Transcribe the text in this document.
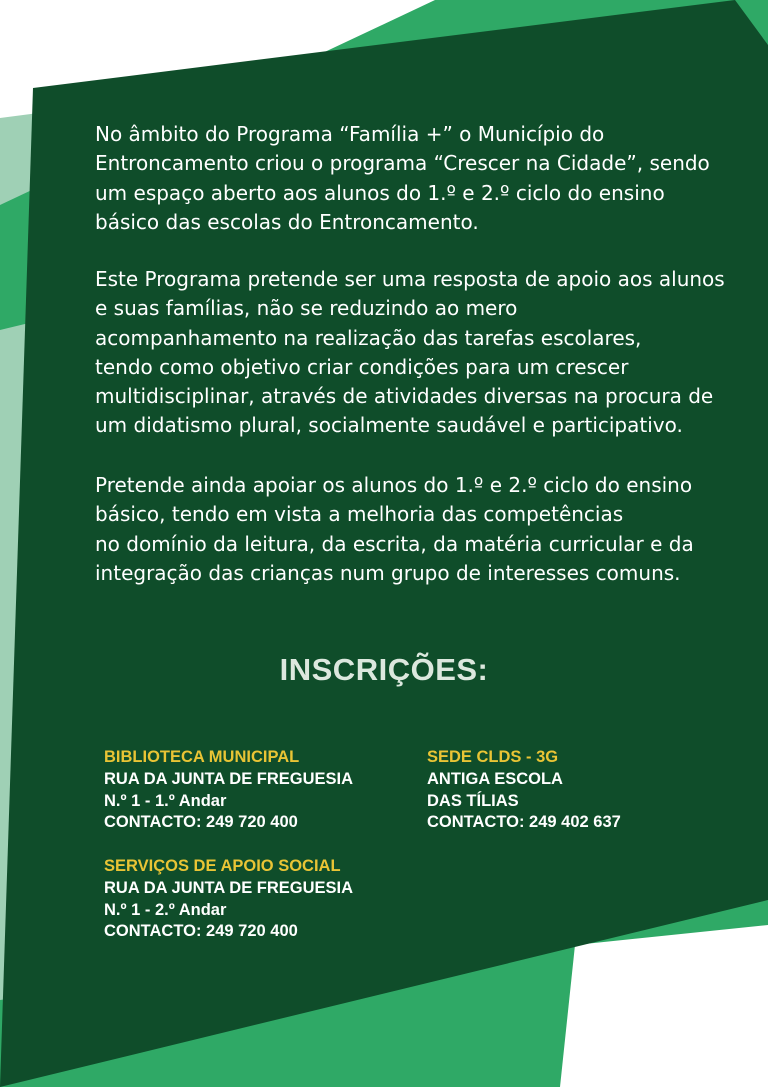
No âmbito do Programa “Família +” o Município do
Entroncamento criou o programa “Crescer na Cidade”, sendo
um espaço aberto aos alunos do 1.º e 2.º ciclo do ensino
básico das escolas do Entroncamento.
Este Programa pretende ser uma resposta de apoio aos alunos
e suas famílias, não se reduzindo ao mero
acompanhamento na realização das tarefas escolares,
tendo como objetivo criar condições para um crescer
multidisciplinar, através de atividades diversas na procura de
um didatismo plural, socialmente saudável e participativo.
Pretende ainda apoiar os alunos do 1.º e 2.º ciclo do ensino
básico, tendo em vista a melhoria das competências
no domínio da leitura, da escrita, da matéria curricular e da
integração das crianças num grupo de interesses comuns.
INSCRIÇÕES:
BIBLIOTECA MUNICIPAL
RUA DA JUNTA DE FREGUESIA
N.º 1 - 1.º Andar
CONTACTO: 249 720 400
SERVIÇOS DE APOIO SOCIAL
RUA DA JUNTA DE FREGUESIA
N.º 1 - 2.º Andar
CONTACTO: 249 720 400
SEDE CLDS - 3G
ANTIGA ESCOLA
DAS TÍLIAS
CONTACTO: 249 402 637
